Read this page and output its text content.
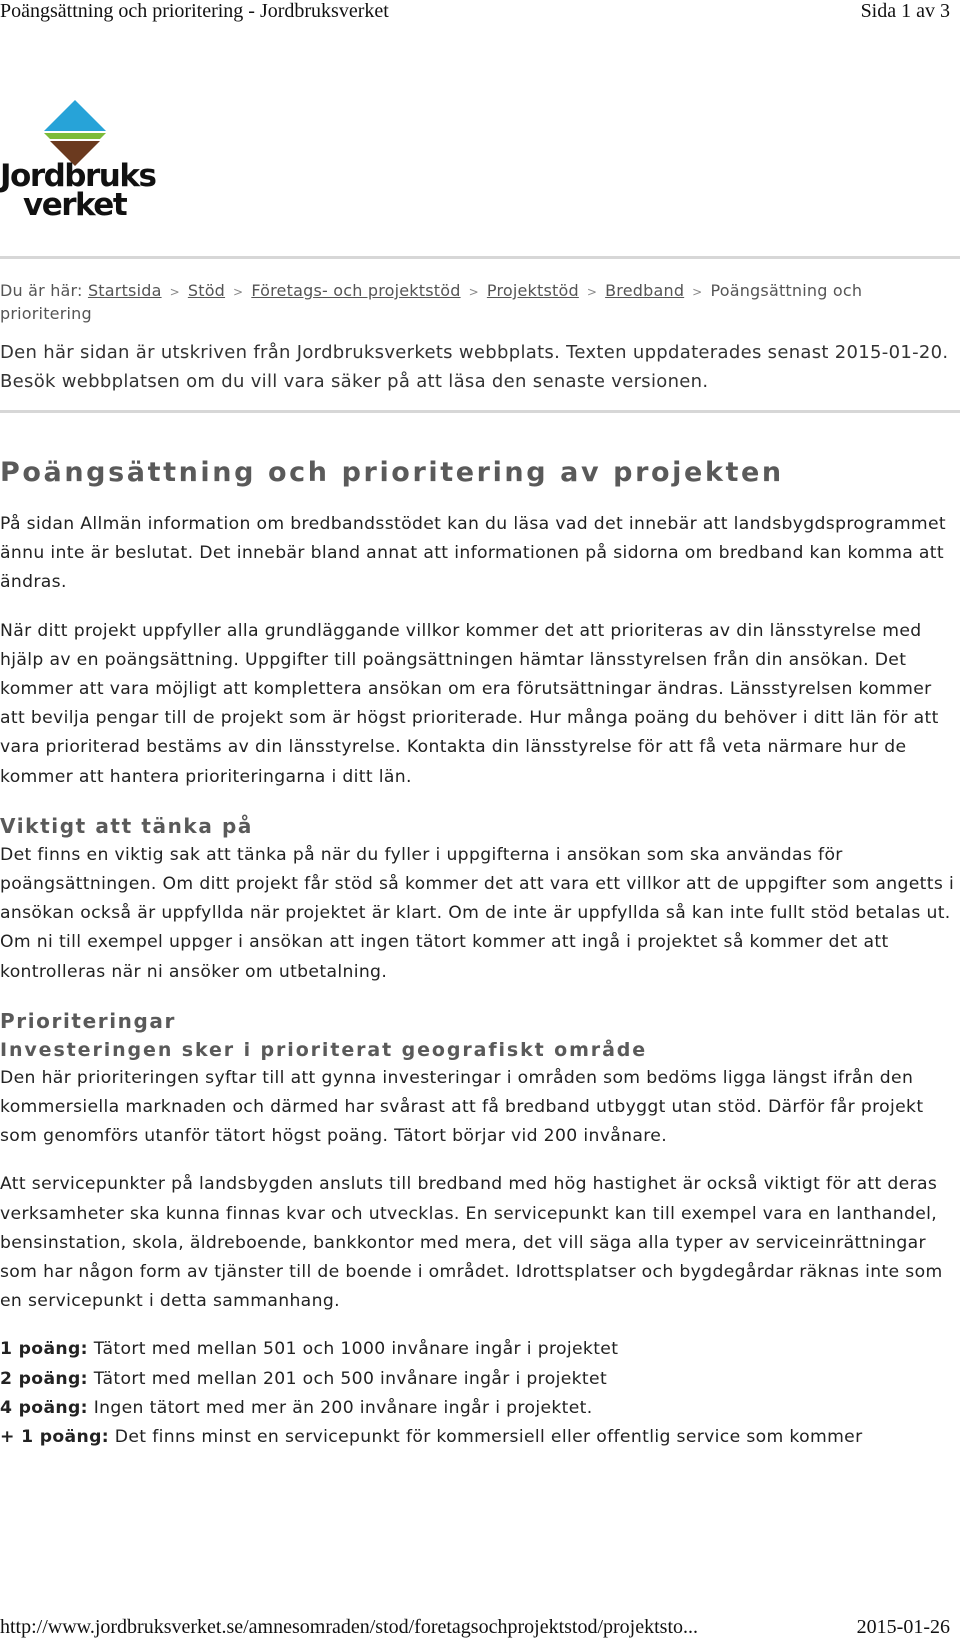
Poängsättning och prioritering - Jordbruksverket	Sida 1 av 3
Jordbruks
verket
Du är här: Startsida > Stöd > Företags- och projektstöd > Projektstöd > Bredband > Poängsättning och prioritering
Den här sidan är utskriven från Jordbruksverkets webbplats. Texten uppdaterades senast 2015-01-20. Besök webbplatsen om du vill vara säker på att läsa den senaste versionen.
Poängsättning och prioritering av projekten

På sidan Allmän information om bredbandsstödet kan du läsa vad det innebär att landsbygdsprogrammet ännu inte är beslutat. Det innebär bland annat att informationen på sidorna om bredband kan komma att ändras.

När ditt projekt uppfyller alla grundläggande villkor kommer det att prioriteras av din länsstyrelse med hjälp av en poängsättning. Uppgifter till poängsättningen hämtar länsstyrelsen från din ansökan. Det kommer att vara möjligt att komplettera ansökan om era förutsättningar ändras. Länsstyrelsen kommer att bevilja pengar till de projekt som är högst prioriterade. Hur många poäng du behöver i ditt län för att vara prioriterad bestäms av din länsstyrelse. Kontakta din länsstyrelse för att få veta närmare hur de kommer att hantera prioriteringarna i ditt län.

Viktigt att tänka på

Det finns en viktig sak att tänka på när du fyller i uppgifterna i ansökan som ska användas för poängsättningen. Om ditt projekt får stöd så kommer det att vara ett villkor att de uppgifter som angetts i ansökan också är uppfyllda när projektet är klart. Om de inte är uppfyllda så kan inte fullt stöd betalas ut. Om ni till exempel uppger i ansökan att ingen tätort kommer att ingå i projektet så kommer det att kontrolleras när ni ansöker om utbetalning.

Prioriteringar
Investeringen sker i prioriterat geografiskt område

Den här prioriteringen syftar till att gynna investeringar i områden som bedöms ligga längst ifrån den kommersiella marknaden och därmed har svårast att få bredband utbyggt utan stöd. Därför får projekt som genomförs utanför tätort högst poäng. Tätort börjar vid 200 invånare.

Att servicepunkter på landsbygden ansluts till bredband med hög hastighet är också viktigt för att deras verksamheter ska kunna finnas kvar och utvecklas. En servicepunkt kan till exempel vara en lanthandel, bensinstation, skola, äldreboende, bankkontor med mera, det vill säga alla typer av serviceinrättningar som har någon form av tjänster till de boende i området. Idrottsplatser och bygdegårdar räknas inte som en servicepunkt i detta sammanhang.

1 poäng: Tätort med mellan 501 och 1000 invånare ingår i projektet
2 poäng: Tätort med mellan 201 och 500 invånare ingår i projektet
4 poäng: Ingen tätort med mer än 200 invånare ingår i projektet.
+ 1 poäng: Det finns minst en servicepunkt för kommersiell eller offentlig service som kommer
http://www.jordbruksverket.se/amnesomraden/stod/foretagsochprojektstod/projektsto...	2015-01-26
